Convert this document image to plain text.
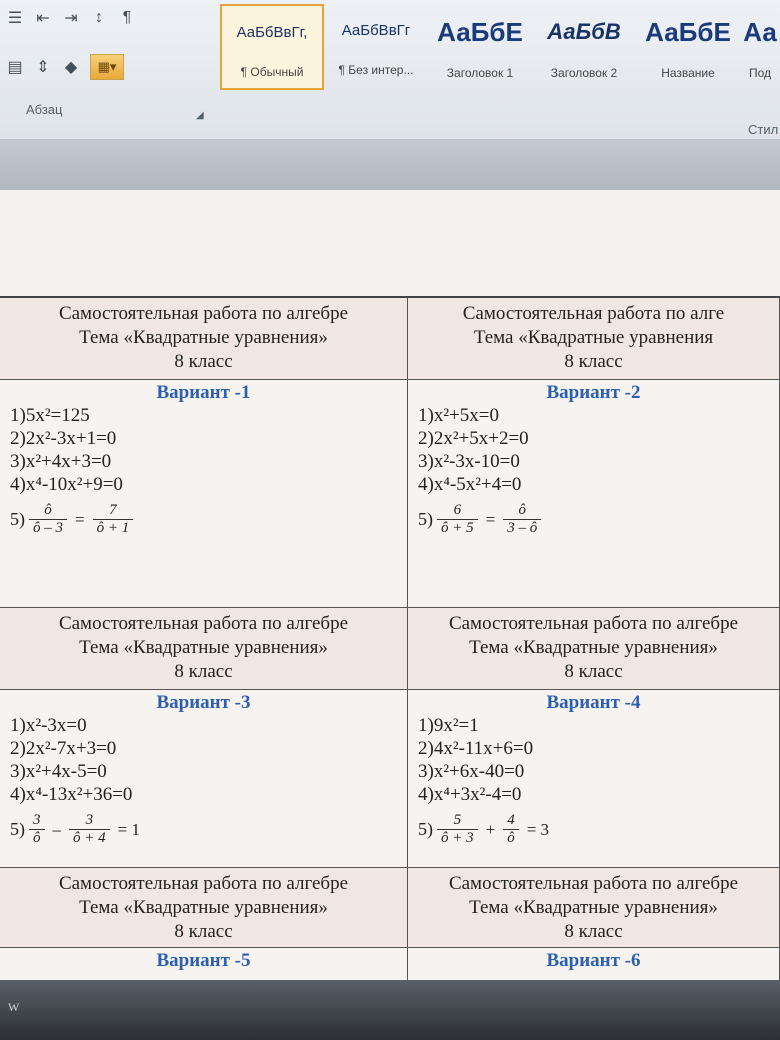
☰ ⇤ ⇥	↕	¶
▤ ⇕ ◆	▦▾
Абзац	◢
АаБбВвГг,
¶ Обычный
АаБбВвГг
¶ Без интер...
АаБбЕ
Заголовок 1
АаБбВ
Заголовок 2
АаБбЕ
Название
Аа
Под
Стил
Самостоятельная работа по алгебре
Тема «Квадратные уравнения»
8 класс
Вариант -1
1)5x²=125
2)2x²-3x+1=0
3)x²+4x+3=0
4)x⁴-10x²+9=0
$5) \frac{ô}{ô - 3} = \frac{7}{ô + 1}$
Самостоятельная работа по алге
Тема «Квадратные уравнения
8 класс
Вариант -2
1)x²+5x=0
2)2x²+5x+2=0
3)x²-3x-10=0
4)x⁴-5x²+4=0
$5) \frac{6}{ô + 5} = \frac{ô}{3 - ô}$
Самостоятельная работа по алгебре
Тема «Квадратные уравнения»
8 класс
Вариант -3
1)x²-3x=0
2)2x²-7x+3=0
3)x²+4x-5=0
4)x⁴-13x²+36=0
$5) \frac{3}{ô} - \frac{3}{ô + 4} = 1$
Самостоятельная работа по алгебре
Тема «Квадратные уравнения»
8 класс
Вариант -4
1)9x²=1
2)4x²-11x+6=0
3)x²+6x-40=0
4)x⁴+3x²-4=0
$5) \frac{5}{ô + 3} + \frac{4}{ô} = 3$
Самостоятельная работа по алгебре
Тема «Квадратные уравнения»
8 класс
Вариант -5
Самостоятельная работа по алгебре
Тема «Квадратные уравнения»
8 класс
Вариант -6
W
